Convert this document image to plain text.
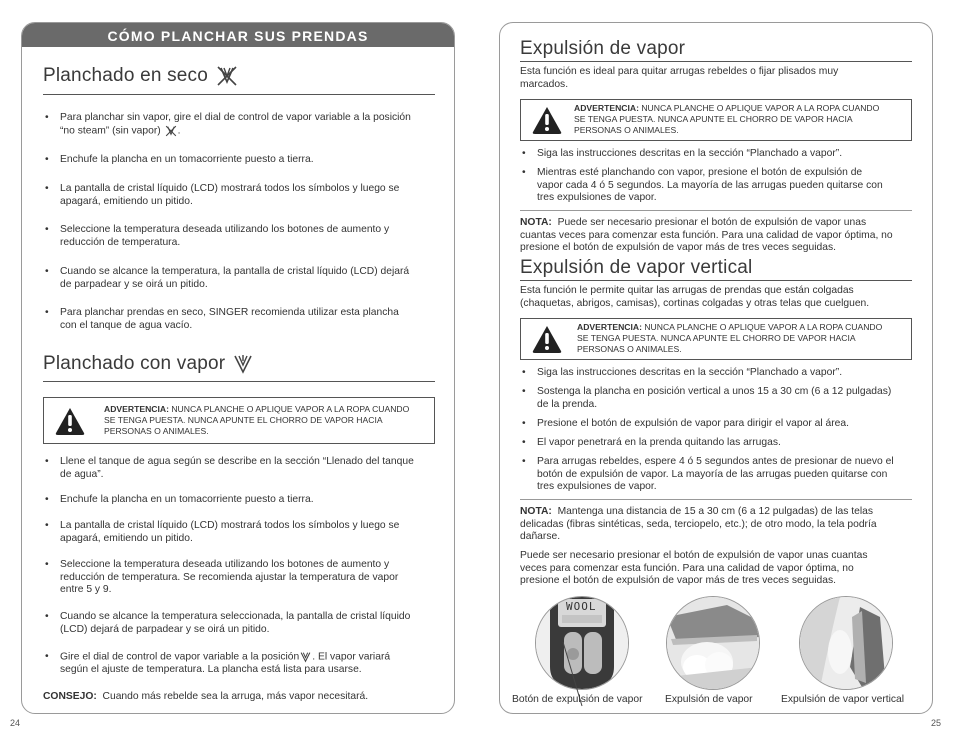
CÓMO PLANCHAR SUS PRENDAS
Planchado en seco
• Para planchar sin vapor, gire el dial de control de vapor variable a la posición
“no steam” (sin vapor) .
• Enchufe la plancha en un tomacorriente puesto a tierra.
• La pantalla de cristal líquido (LCD) mostrará todos los símbolos y luego se
apagará, emitiendo un pitido.
• Seleccione la temperatura deseada utilizando los botones de aumento y
reducción de temperatura.
• Cuando se alcance la temperatura, la pantalla de cristal líquido (LCD) dejará
de parpadear y se oirá un pitido.
• Para planchar prendas en seco, SINGER recomienda utilizar esta plancha
con el tanque de agua vacío.
Planchado con vapor
ADVERTENCIA: NUNCA PLANCHE O APLIQUE VAPOR A LA ROPA CUANDO
SE TENGA PUESTA. NUNCA APUNTE EL CHORRO DE VAPOR HACIA
PERSONAS O ANIMALES.
• Llene el tanque de agua según se describe en la sección “Llenado del tanque
de agua”.
• Enchufe la plancha en un tomacorriente puesto a tierra.
• La pantalla de cristal líquido (LCD) mostrará todos los símbolos y luego se
apagará, emitiendo un pitido.
• Seleccione la temperatura deseada utilizando los botones de aumento y
reducción de temperatura. Se recomienda ajustar la temperatura de vapor
entre 5 y 9.
• Cuando se alcance la temperatura seleccionada, la pantalla de cristal líquido
(LCD) dejará de parpadear y se oirá un pitido.
• Gire el dial de control de vapor variable a la posición . El vapor variará
según el ajuste de temperatura. La plancha está lista para usarse.
CONSEJO: Cuando más rebelde sea la arruga, más vapor necesitará.
24
Expulsión de vapor
Esta función es ideal para quitar arrugas rebeldes o fijar plisados muy
marcados.
ADVERTENCIA: NUNCA PLANCHE O APLIQUE VAPOR A LA ROPA CUANDO
SE TENGA PUESTA. NUNCA APUNTE EL CHORRO DE VAPOR HACIA
PERSONAS O ANIMALES.
• Siga las instrucciones descritas en la sección “Planchado a vapor”.
• Mientras esté planchando con vapor, presione el botón de expulsión de
vapor cada 4 ó 5 segundos. La mayoría de las arrugas pueden quitarse con
tres expulsiones de vapor.
NOTA: Puede ser necesario presionar el botón de expulsión de vapor unas
cuantas veces para comenzar esta función. Para una calidad de vapor óptima, no
presione el botón de expulsión de vapor más de tres veces seguidas.
Expulsión de vapor vertical
Esta función le permite quitar las arrugas de prendas que están colgadas
(chaquetas, abrigos, camisas), cortinas colgadas y otras telas que cuelguen.
ADVERTENCIA: NUNCA PLANCHE O APLIQUE VAPOR A LA ROPA CUANDO
SE TENGA PUESTA. NUNCA APUNTE EL CHORRO DE VAPOR HACIA
PERSONAS O ANIMALES.
• Siga las instrucciones descritas en la sección “Planchado a vapor”.
• Sostenga la plancha en posición vertical a unos 15 a 30 cm (6 a 12 pulgadas)
de la prenda.
• Presione el botón de expulsión de vapor para dirigir el vapor al área.
• El vapor penetrará en la prenda quitando las arrugas.
• Para arrugas rebeldes, espere 4 ó 5 segundos antes de presionar de nuevo el
botón de expulsión de vapor. La mayoría de las arrugas pueden quitarse con
tres expulsiones de vapor.
NOTA: Mantenga una distancia de 15 a 30 cm (6 a 12 pulgadas) de las telas
delicadas (fibras sintéticas, seda, terciopelo, etc.); de otro modo, la tela podría
dañarse.
Puede ser necesario presionar el botón de expulsión de vapor unas cuantas
veces para comenzar esta función. Para una calidad de vapor óptima, no
presione el botón de expulsión de vapor más de tres veces seguidas.
WOOL
Botón de expulsión de vapor Expulsión de vapor	Expulsión de vapor vertical
25
